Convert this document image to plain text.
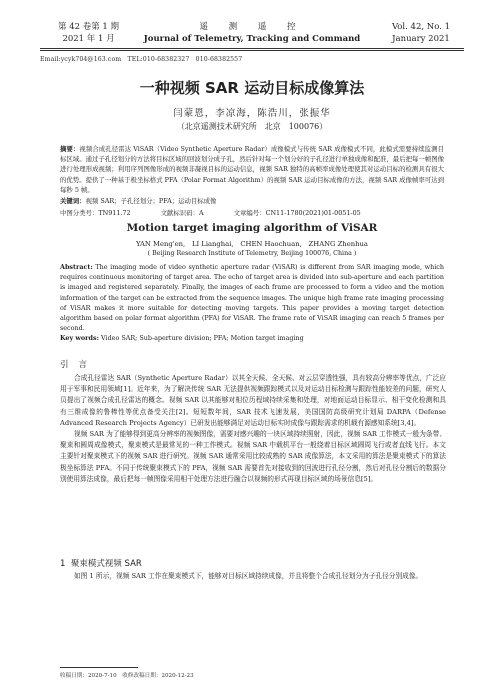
第 42 卷第 1 期
2021 年 1 月
遥 测 遥 控
Journal of Telemetry, Tracking and Command
Vol. 42, No. 1
January 2021
Email:ycyk704@163.com　TEL:010-68382327　010-68382557
一种视频 SAR 运动目标成像算法
闫蒙恩，李凉海，陈浩川，张振华
（北京遥测技术研究所　北京　100076）
摘要：视频合成孔径雷达 ViSAR（Video Synthetic Aperture Radar）成像模式与传统 SAR 成像模式不同，此模式需要持续监测目标区域。通过子孔径划分的方法将目标区域的回波划分成子孔，然后针对每一个划分好的子孔径进行单独成像和配准，最后把每一帧图像进行处理形成视频；利用序列图像形成的视频非凝视目标的运动信息，视频 SAR 独特的高帧率成像处理使其对运动目标的检测具有很大的优势。提供了一种基于极坐标格式 PFA（Polar Format Algorithm）的视频 SAR 运动目标成像的方法，视频 SAR 成像帧率可达到每秒 5 帧。
关键词：视频 SAR；子孔径划分；PFA；运动目标成像
中图分类号：TN911.72	文献标识码：A	文章编号：CN11-1780(2021)01-0051-05
Motion target imaging algorithm of ViSAR
YAN Meng'en,　LI Lianghai,　CHEN Haochuan,　ZHANG Zhenhua
( Beijing Research Institute of Telemetry, Beijing 100076, China )
Abstract: The imaging mode of video synthetic aperture radar (ViSAR) is different from SAR imaging mode, which requires continuous monitoring of target area. The echo of target area is divided into sub-aperture and each partition is imaged and registered separately. Finally, the images of each frame are processed to form a video and the motion information of the target can be extracted from the sequence images. The unique high frame rate imaging processing of ViSAR makes it more suitable for detecting moving targets. This paper provides a moving target detection algorithm based on polar format algorithm (PFA) for ViSAR. The frame rate of ViSAR imaging can reach 5 frames per second.
Key words: Video SAR; Sub-aperture division; PFA; Motion target imaging
引言

合成孔径雷达 SAR（Synthetic Aperture Radar）以其全天候、全天候、对云层穿透性强，具有较高分辨率等优点，广泛应用于军事和民用领域[1]。近年来，为了解决传统 SAR 无法提供视频跟踪模式以及对运动目标检测与跟踪性能较差的问题，研究人员提出了视频合成孔径雷达的概念。视频 SAR 以其能够对相位历程域持续采集和处理，对地面运动目标显示、相干变化检测和具有三维成像的鲁棒性等优点备受关注[2]。短短数年间，SAR 技术飞速发展，美国国防高级研究计划局 DARPA（Defense Advanced Research Projects Agency）已研发出能够满足对运动目标实时成像与跟踪需求的机载有源感知系统[3,4]。

视频 SAR 为了能够得到更高分辨率的视频图像，需要对感兴趣的一块区域持续照射，因此，视频 SAR 工作模式一般为条带、聚束和圆周成像模式，聚束模式是最常见的一种工作模式。视频 SAR 中载机平台一般绕着目标区域圆周飞行或者直线飞行。本文主要针对聚束模式下的视频 SAR 进行研究。视频 SAR 通常采用比较成熟的 SAR 成像算法，本文采用的算法是聚束模式下的算法极坐标算法 PFA。不同于传统聚束模式下的 PFA，视频 SAR 需要首先对接收到的回波进行孔径分割，然后对孔径分割后的数据分别使用算法成像，最后把每一帧图像采用相干处理方法进行融合以视频的形式再现目标区域的场景信息[5]。

1 聚束模式视频 SAR

如图 1 所示，视频 SAR 工作在聚束模式下，能够对目标区域持续成像，并且将整个合成孔径划分为子孔径分别成像。

收稿日期：2020-7-10　收修改稿日期：2020-12-23
